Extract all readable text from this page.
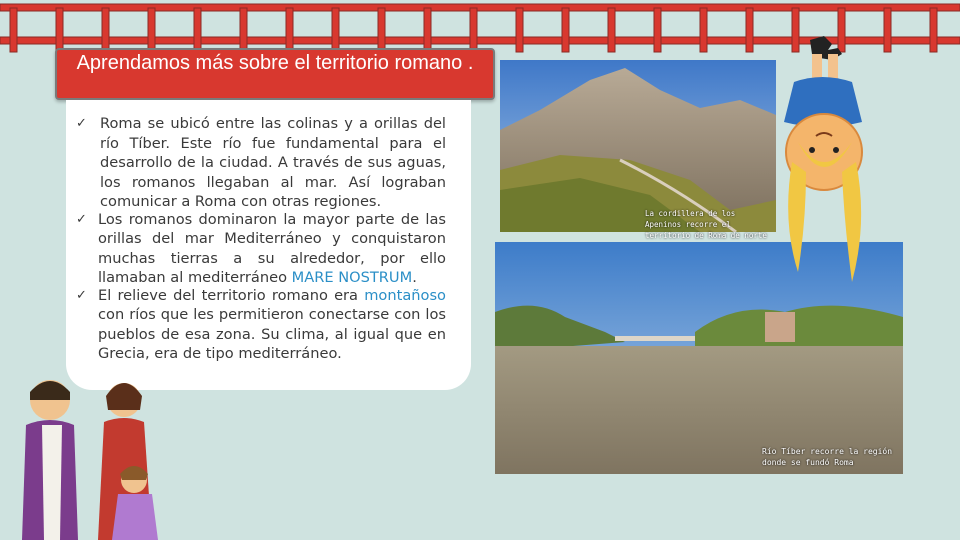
Aprendamos más sobre el territorio romano .
✓ Roma se ubicó entre las colinas y a orillas del río Tíber. Este río fue fundamental para el desarrollo de la ciudad. A través de sus aguas, los romanos llegaban al mar. Así lograban comunicar a Roma con otras regiones.
✓ Los romanos dominaron la mayor parte de las orillas del mar Mediterráneo y conquistaron muchas tierras a su alrededor, por ello llamaban al mediterráneo MARE NOSTRUM.
✓ El relieve del territorio romano era montañoso con ríos que les permitieron conectarse con los pueblos de esa zona. Su clima, al igual que en Grecia, era de tipo mediterráneo.
La cordillera de los Apeninos recorre el territorio de Roma de norte
Río Tíber recorre la región donde se fundó Roma
